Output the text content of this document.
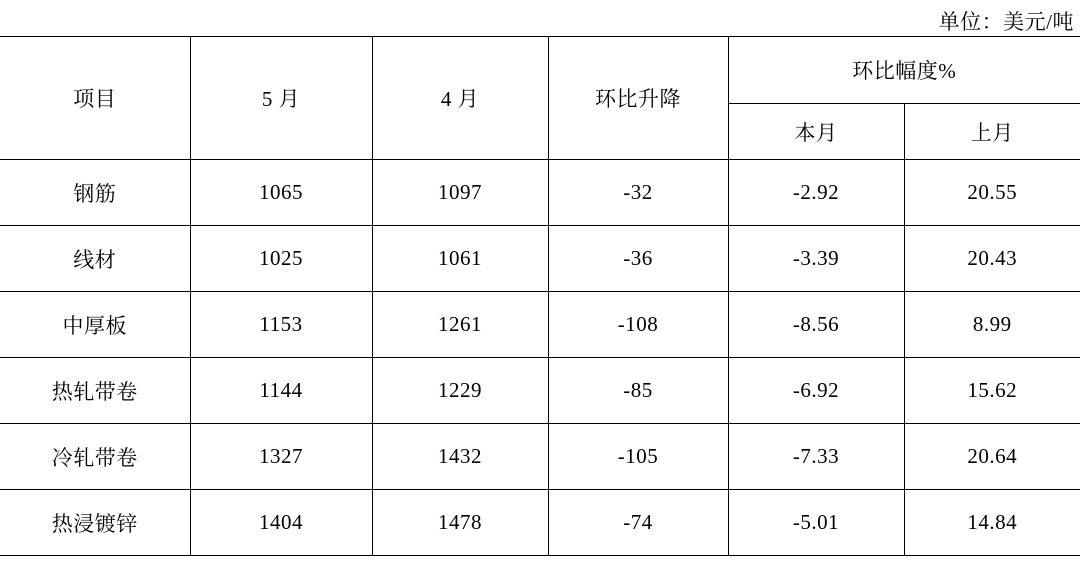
单位：美元/吨
项目	5 月	4 月	环比升降	环比幅度%	
				本月	上月
钢筋	1065	1097	-32	-2.92	20.55
线材	1025	1061	-36	-3.39	20.43
中厚板	1153	1261	-108	-8.56	8.99
热轧带卷	1144	1229	-85	-6.92	15.62
冷轧带卷	1327	1432	-105	-7.33	20.64
热浸镀锌	1404	1478	-74	-5.01	14.84
